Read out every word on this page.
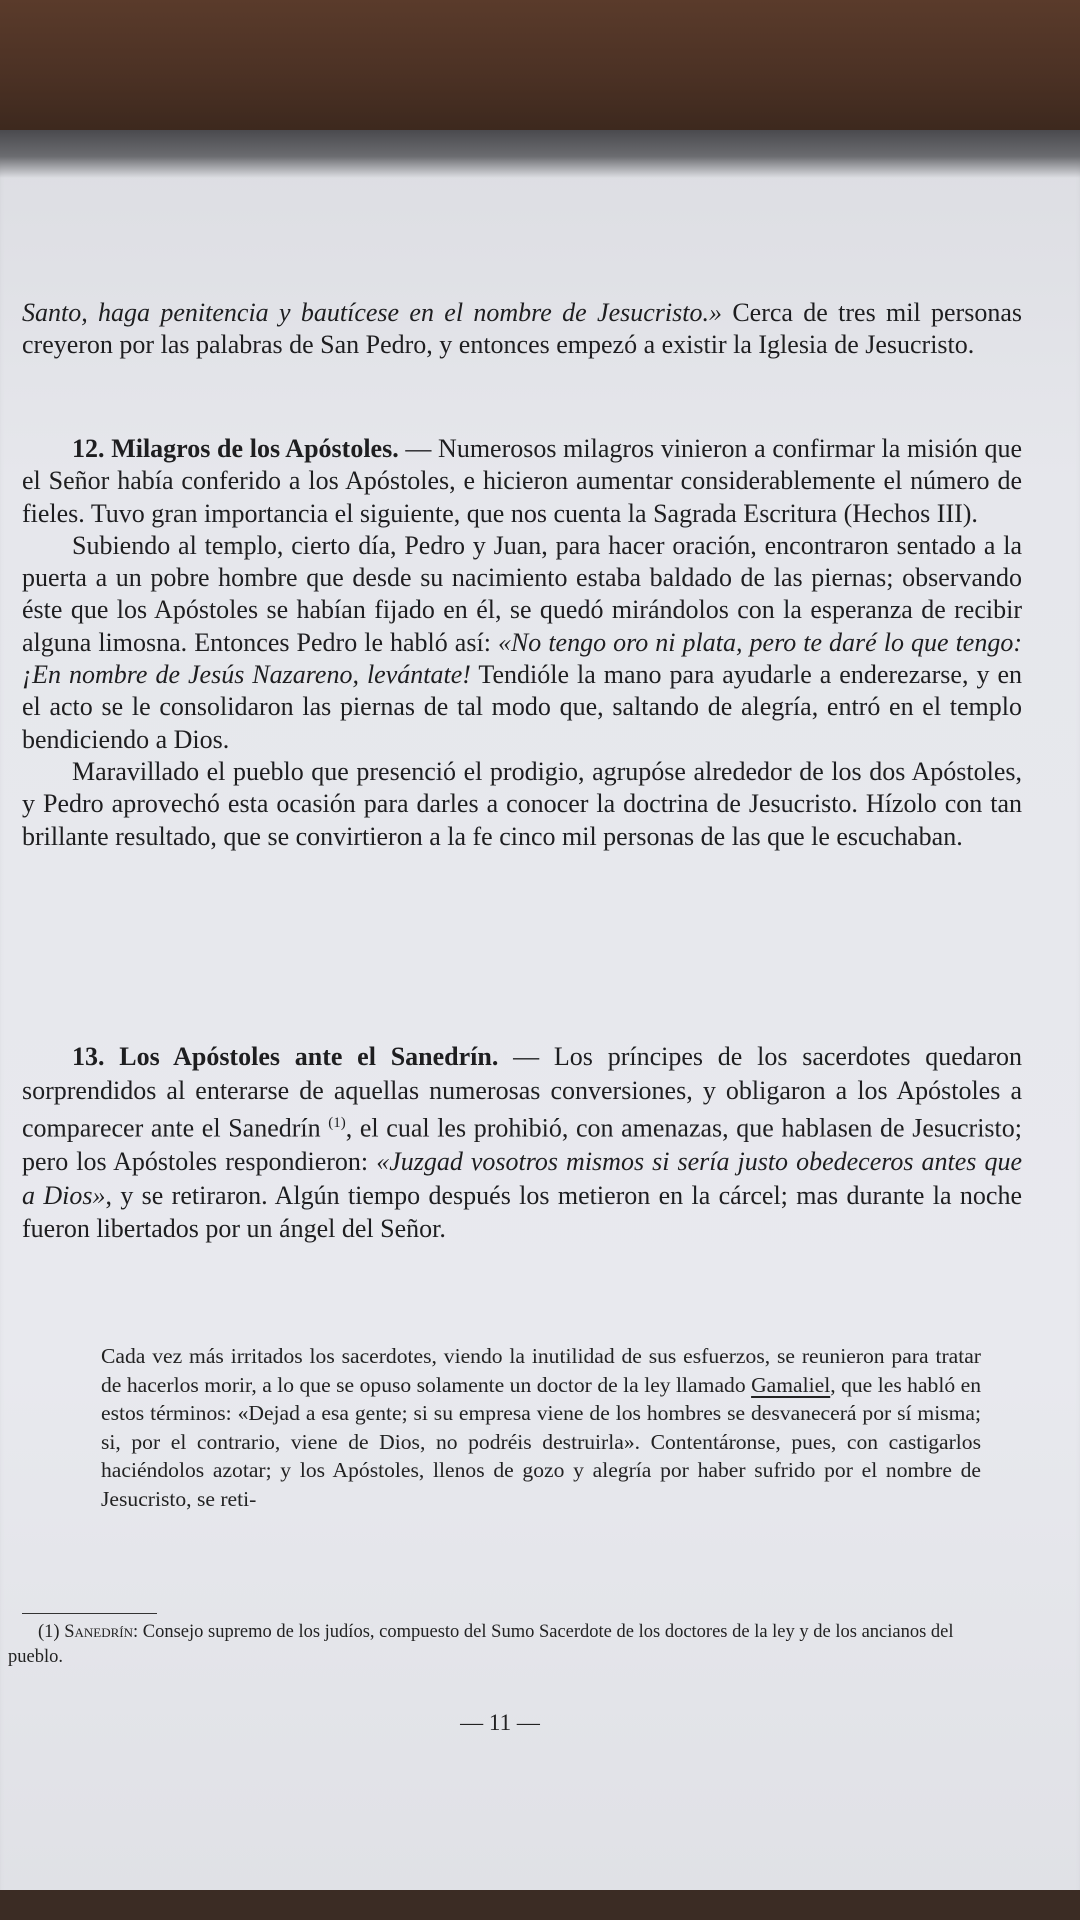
Santo, haga penitencia y bautícese en el nombre de Jesucristo.» Cerca de tres mil personas creyeron por las palabras de San Pedro, y entonces empezó a existir la Iglesia de Jesucristo.

12. Milagros de los Apóstoles. — Numerosos milagros vinieron a confirmar la misión que el Señor había conferido a los Apóstoles, e hicieron aumentar considerablemente el número de fieles. Tuvo gran importancia el siguiente, que nos cuenta la Sagrada Escritura (Hechos III).

Subiendo al templo, cierto día, Pedro y Juan, para hacer oración, encontraron sentado a la puerta a un pobre hombre que desde su nacimiento estaba baldado de las piernas; observando éste que los Apóstoles se habían fijado en él, se quedó mirándolos con la esperanza de recibir alguna limosna. Entonces Pedro le habló así: «No tengo oro ni plata, pero te daré lo que tengo: ¡En nombre de Jesús Nazareno, levántate! Tendióle la mano para ayudarle a enderezarse, y en el acto se le consolidaron las piernas de tal modo que, saltando de alegría, entró en el templo bendiciendo a Dios.

Maravillado el pueblo que presenció el prodigio, agrupóse alrededor de los dos Apóstoles, y Pedro aprovechó esta ocasión para darles a conocer la doctrina de Jesucristo. Hízolo con tan brillante resultado, que se convirtieron a la fe cinco mil personas de las que le escuchaban.

13. Los Apóstoles ante el Sanedrín. — Los príncipes de los sacerdotes quedaron sorprendidos al enterarse de aquellas numerosas conversiones, y obligaron a los Apóstoles a comparecer ante el Sanedrín $^{(1)}$, el cual les prohibió, con amenazas, que hablasen de Jesucristo; pero los Apóstoles respondieron: «Juzgad vosotros mismos si sería justo obedeceros antes que a Dios», y se retiraron. Algún tiempo después los metieron en la cárcel; mas durante la noche fueron libertados por un ángel del Señor.

Cada vez más irritados los sacerdotes, viendo la inutilidad de sus esfuerzos, se reunieron para tratar de hacerlos morir, a lo que se opuso solamente un doctor de la ley llamado Gamaliel, que les habló en estos términos: «Dejad a esa gente; si su empresa viene de los hombres se desvanecerá por sí misma; si, por el contrario, viene de Dios, no podréis destruirla». Contentáronse, pues, con castigarlos haciéndolos azotar; y los Apóstoles, llenos de gozo y alegría por haber sufrido por el nombre de Jesucristo, se reti-

(1) Sanedrín: Consejo supremo de los judíos, compuesto del Sumo Sacerdote de los doctores de la ley y de los ancianos del pueblo.
— 11 —
